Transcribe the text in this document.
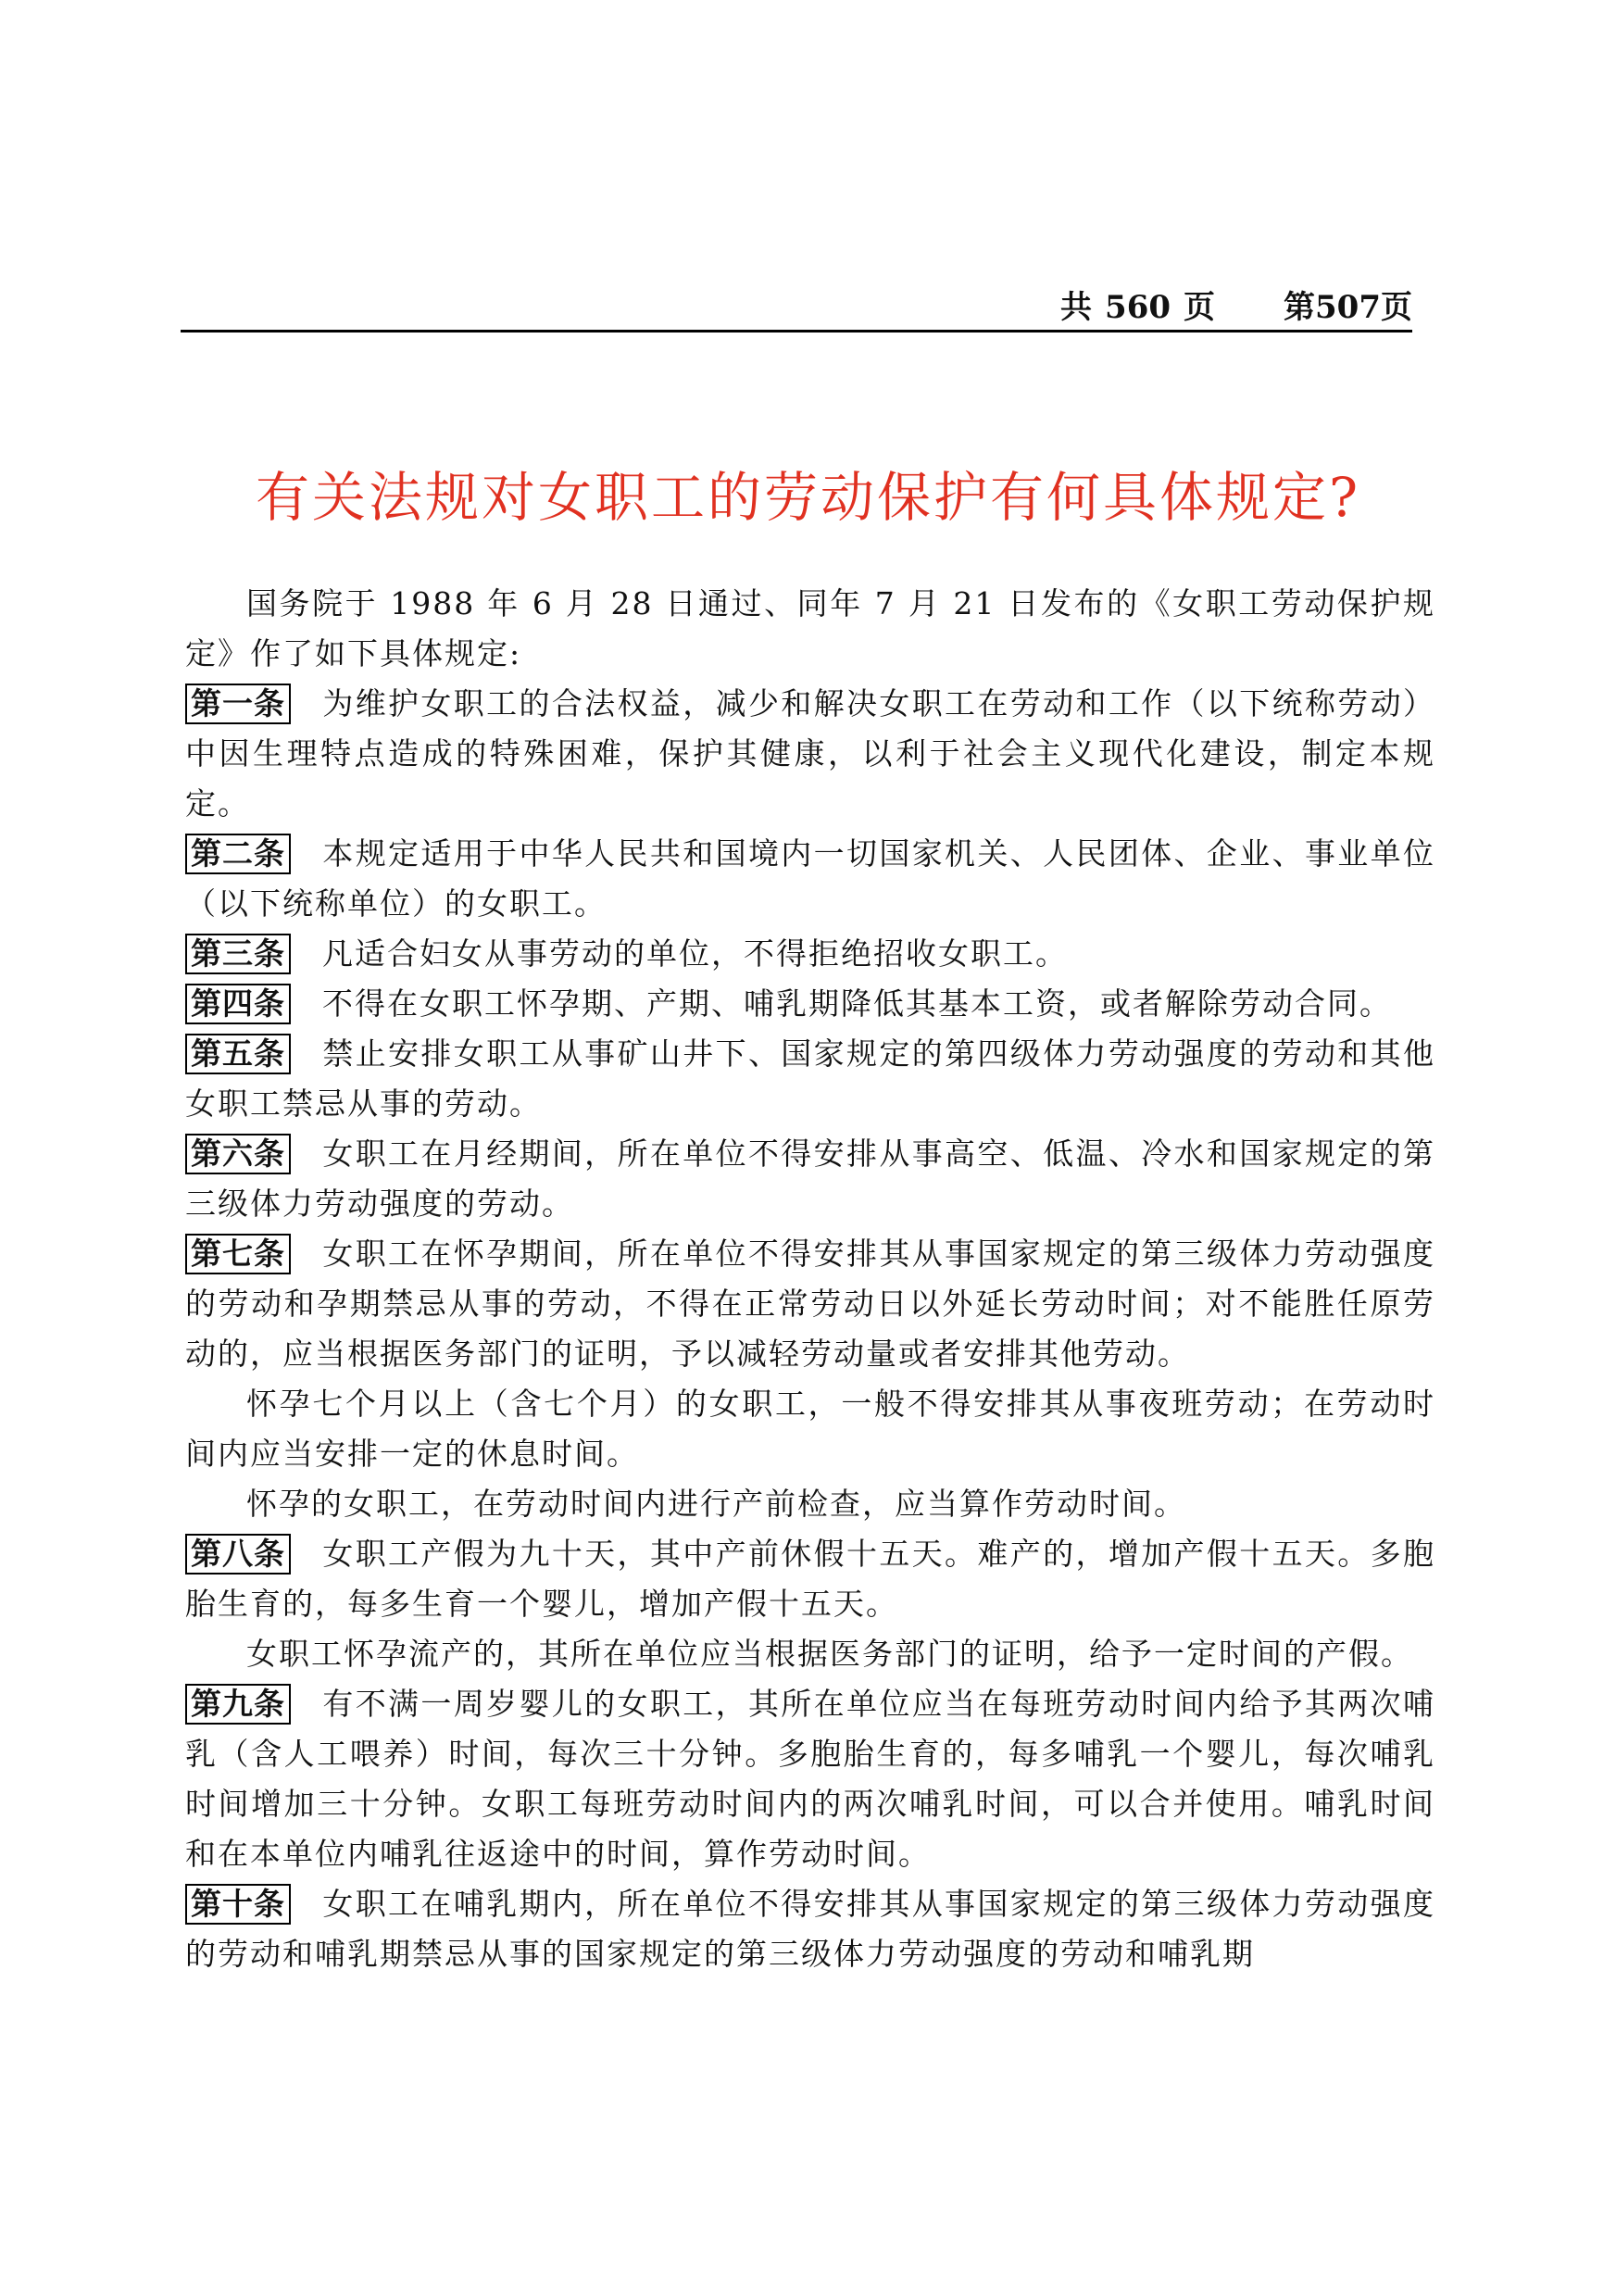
共 560 页 第507页
有关法规对女职工的劳动保护有何具体规定?

国务院于 1988 年 6 月 28 日通过、同年 7 月 21 日发布的《女职工劳动保护规定》作了如下具体规定:

第一条 为维护女职工的合法权益，减少和解决女职工在劳动和工作（以下统称劳动）中因生理特点造成的特殊困难，保护其健康，以利于社会主义现代化建设，制定本规定。

第二条 本规定适用于中华人民共和国境内一切国家机关、人民团体、企业、事业单位（以下统称单位）的女职工。

第三条 凡适合妇女从事劳动的单位，不得拒绝招收女职工。

第四条 不得在女职工怀孕期、产期、哺乳期降低其基本工资，或者解除劳动合同。

第五条 禁止安排女职工从事矿山井下、国家规定的第四级体力劳动强度的劳动和其他女职工禁忌从事的劳动。

第六条 女职工在月经期间，所在单位不得安排从事高空、低温、冷水和国家规定的第三级体力劳动强度的劳动。

第七条 女职工在怀孕期间，所在单位不得安排其从事国家规定的第三级体力劳动强度的劳动和孕期禁忌从事的劳动，不得在正常劳动日以外延长劳动时间；对不能胜任原劳动的，应当根据医务部门的证明，予以减轻劳动量或者安排其他劳动。

怀孕七个月以上（含七个月）的女职工，一般不得安排其从事夜班劳动；在劳动时间内应当安排一定的休息时间。

怀孕的女职工，在劳动时间内进行产前检查，应当算作劳动时间。

第八条 女职工产假为九十天，其中产前休假十五天。难产的，增加产假十五天。多胞胎生育的，每多生育一个婴儿，增加产假十五天。

女职工怀孕流产的，其所在单位应当根据医务部门的证明，给予一定时间的产假。

第九条 有不满一周岁婴儿的女职工，其所在单位应当在每班劳动时间内给予其两次哺乳（含人工喂养）时间，每次三十分钟。多胞胎生育的，每多哺乳一个婴儿，每次哺乳时间增加三十分钟。女职工每班劳动时间内的两次哺乳时间，可以合并使用。哺乳时间和在本单位内哺乳往返途中的时间，算作劳动时间。

第十条 女职工在哺乳期内，所在单位不得安排其从事国家规定的第三级体力劳动强度的劳动和哺乳期禁忌从事的国家规定的第三级体力劳动强度的劳动和哺乳期
